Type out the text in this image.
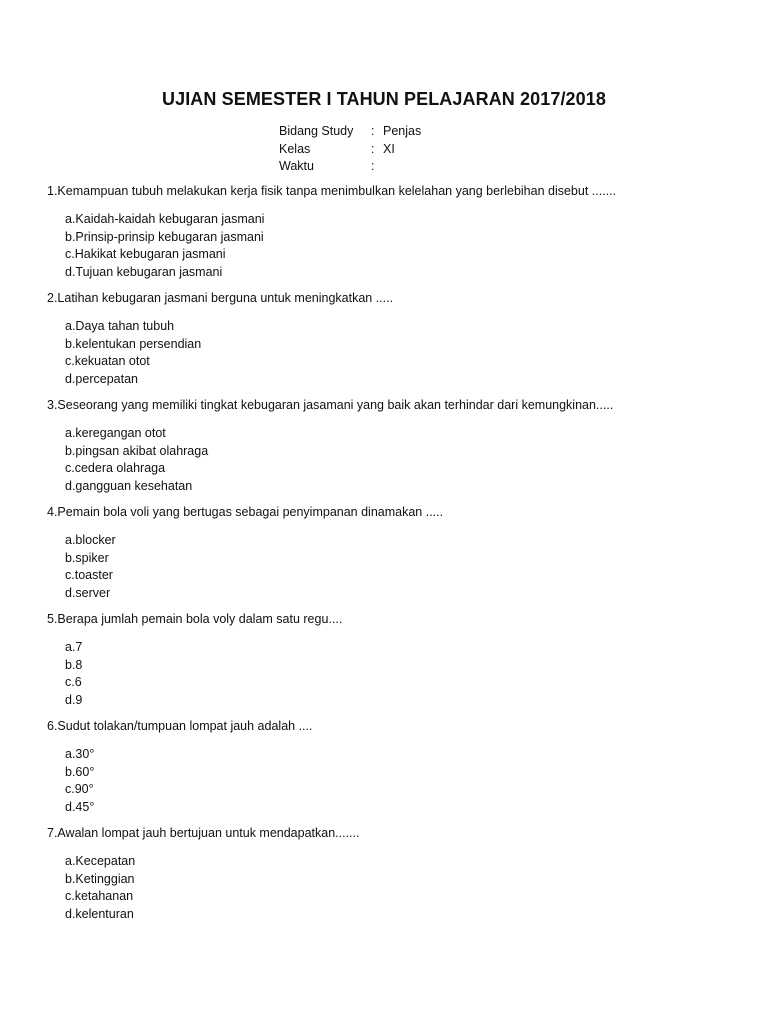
UJIAN SEMESTER I TAHUN PELAJARAN 2017/2018
Bidang Study	: Penjas
Kelas	: XI
Waktu	:
1.Kemampuan tubuh melakukan kerja fisik tanpa menimbulkan kelelahan yang berlebihan disebut .......
a.Kaidah-kaidah kebugaran jasmani
b.Prinsip-prinsip kebugaran jasmani
c.Hakikat kebugaran jasmani
d.Tujuan kebugaran jasmani
2.Latihan kebugaran jasmani berguna untuk meningkatkan .....
a.Daya tahan tubuh
b.kelentukan persendian
c.kekuatan otot
d.percepatan
3.Seseorang yang memiliki tingkat kebugaran jasamani yang baik akan terhindar dari kemungkinan.....
a.keregangan otot
b.pingsan akibat olahraga
c.cedera olahraga
d.gangguan kesehatan
4.Pemain bola voli yang bertugas sebagai penyimpanan dinamakan .....
a.blocker
b.spiker
c.toaster
d.server
5.Berapa jumlah pemain bola voly dalam satu regu....
a.7
b.8
c.6
d.9
6.Sudut tolakan/tumpuan lompat jauh adalah ....
a.30°
b.60°
c.90°
d.45°
7.Awalan lompat jauh bertujuan untuk mendapatkan.......
a.Kecepatan
b.Ketinggian
c.ketahanan
d.kelenturan
